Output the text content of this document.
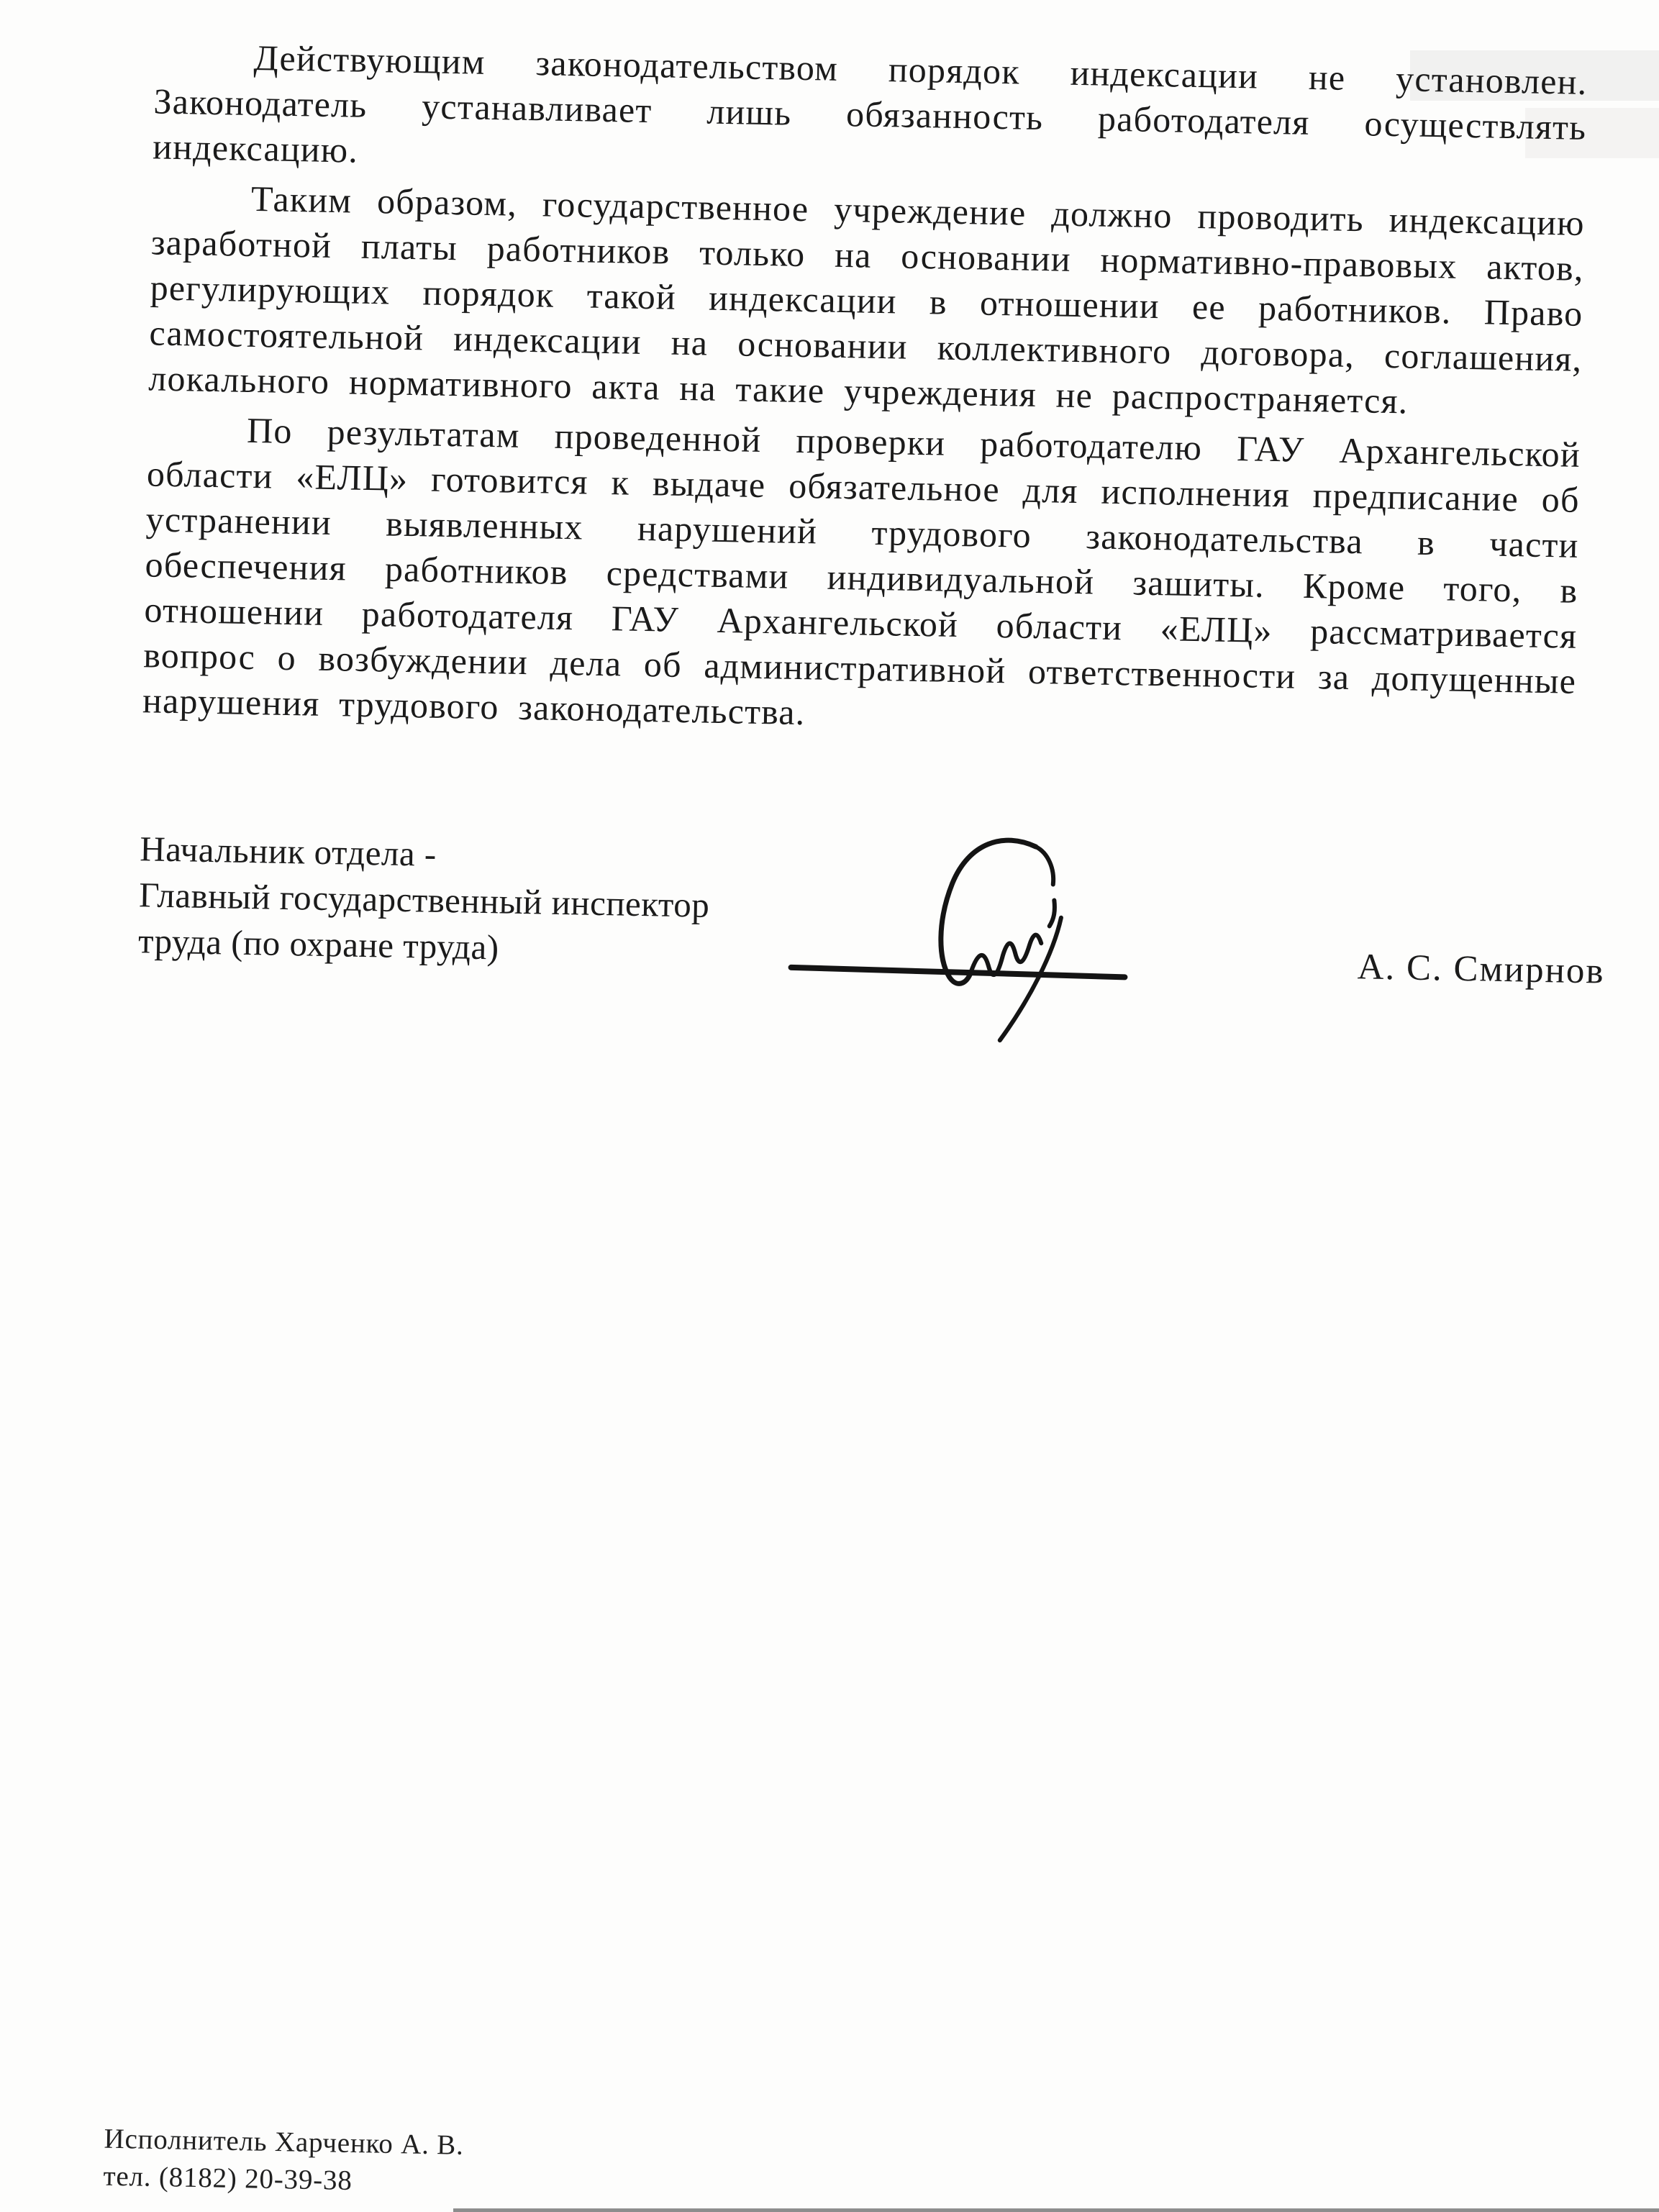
Действующим законодательством порядок индексации не установлен. Законодатель устанавливает лишь обязанность работодателя осуществлять индексацию.

Таким образом, государственное учреждение должно проводить индексацию заработной платы работников только на основании нормативно-правовых актов, регулирующих порядок такой индексации в отношении ее работников. Право самостоятельной индексации на основании коллективного договора, соглашения, локального нормативного акта на такие учреждения не распространяется.

По результатам проведенной проверки работодателю ГАУ Архангельской области «ЕЛЦ» готовится к выдаче обязательное для исполнения предписание об устранении выявленных нарушений трудового законодательства в части обеспечения работников средствами индивидуальной зашиты. Кроме того, в отношении работодателя ГАУ Архангельской области «ЕЛЦ» рассматривается вопрос о возбуждении дела об административной ответственности за допущенные нарушения трудового законодательства.

Начальник отдела -
Главный государственный инспектор
труда (по охране труда)
А. С. Смирнов
Исполнитель Харченко А. В.
тел. (8182) 20-39-38
